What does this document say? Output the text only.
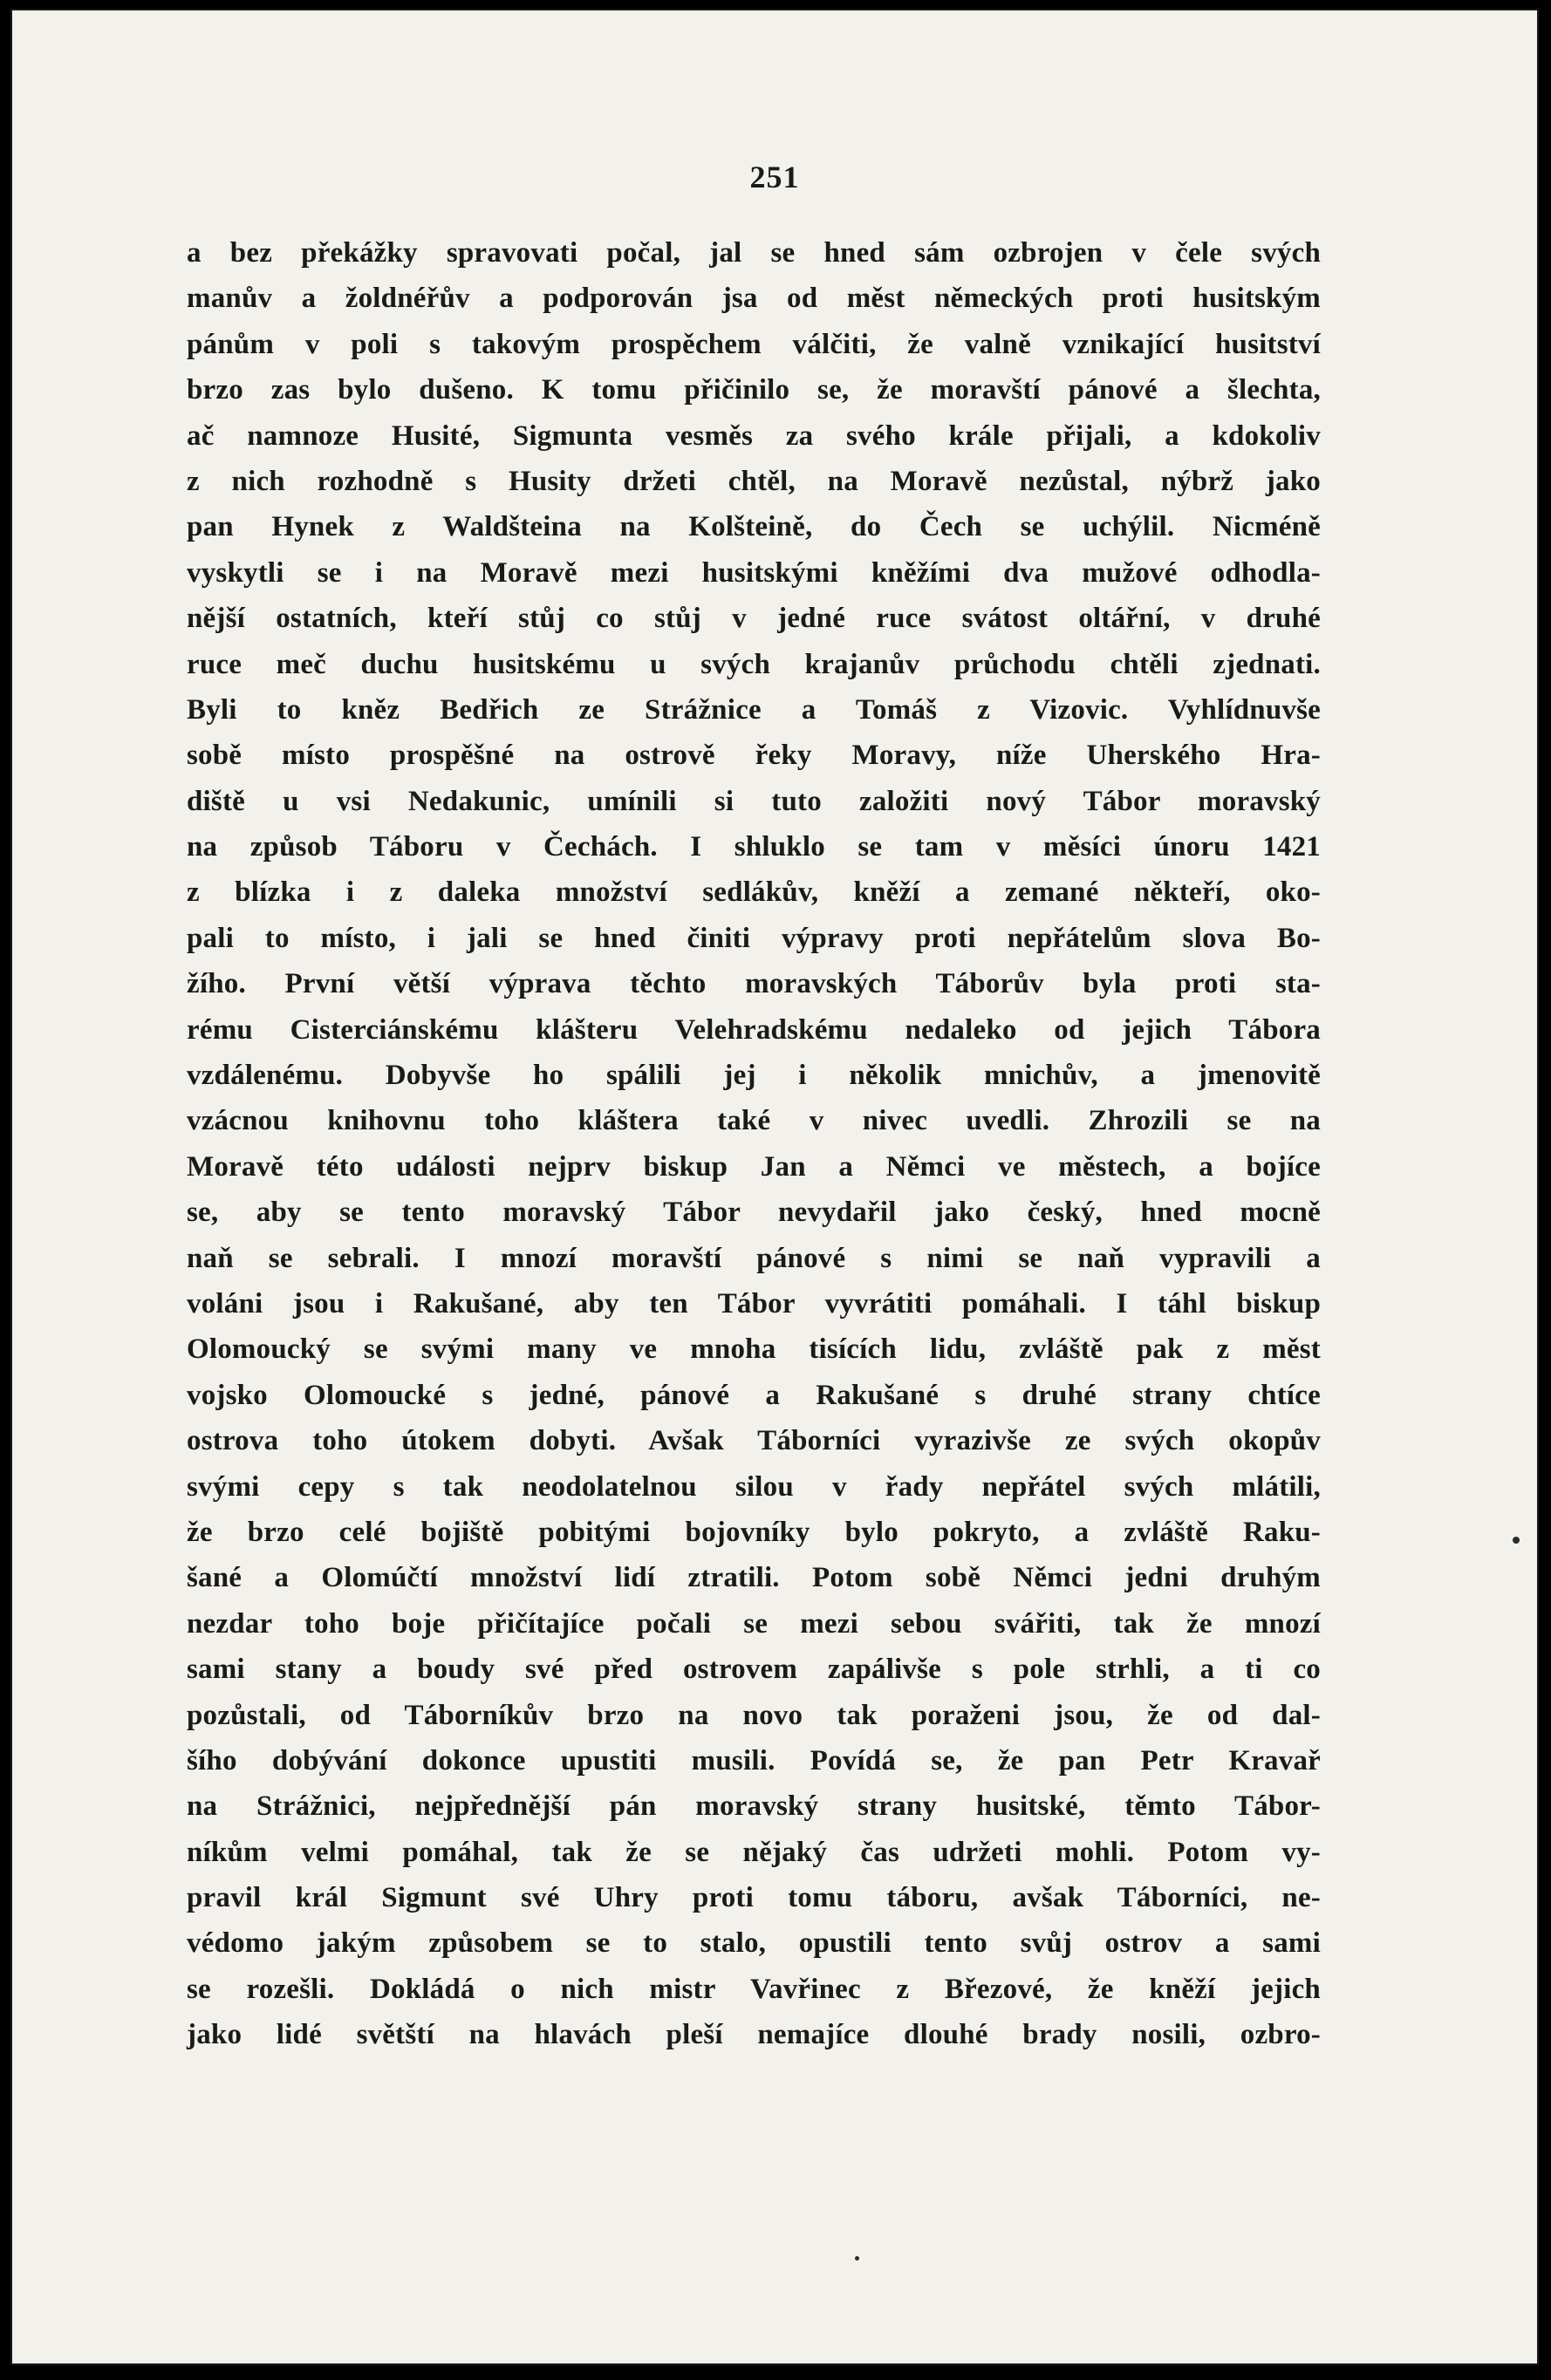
251
a bez překážky spravovati počal, jal se hned sám ozbrojen v čele svých
manův a žoldnéřův a podporován jsa od měst německých proti husitským
pánům v poli s takovým prospěchem válčiti, že valně vznikající husitství
brzo zas bylo dušeno. K tomu přičinilo se, že moravští pánové a šlechta,
ač namnoze Husité, Sigmunta vesměs za svého krále přijali, a kdokoliv
z nich rozhodně s Husity držeti chtěl, na Moravě nezůstal, nýbrž jako
pan Hynek z Waldšteina na Kolšteině, do Čech se uchýlil. Nicméně
vyskytli se i na Moravě mezi husitskými kněžími dva mužové odhodla-
nější ostatních, kteří stůj co stůj v jedné ruce svátost oltářní, v druhé
ruce meč duchu husitskému u svých krajanův průchodu chtěli zjednati.
Byli to kněz Bedřich ze Strážnice a Tomáš z Vizovic. Vyhlídnuvše
sobě místo prospěšné na ostrově řeky Moravy, níže Uherského Hra-
diště u vsi Nedakunic, umínili si tuto založiti nový Tábor moravský
na způsob Táboru v Čechách. I shluklo se tam v měsíci únoru 1421
z blízka i z daleka množství sedlákův, kněží a zemané někteří, oko-
pali to místo, i jali se hned činiti výpravy proti nepřátelům slova Bo-
žího. První větší výprava těchto moravských Táborův byla proti sta-
rému Cisterciánskému klášteru Velehradskému nedaleko od jejich Tábora
vzdálenému. Dobyvše ho spálili jej i několik mnichův, a jmenovitě
vzácnou knihovnu toho kláštera také v nivec uvedli. Zhrozili se na
Moravě této události nejprv biskup Jan a Němci ve městech, a bojíce
se, aby se tento moravský Tábor nevydařil jako český, hned mocně
naň se sebrali. I mnozí moravští pánové s nimi se naň vypravili a
voláni jsou i Rakušané, aby ten Tábor vyvrátiti pomáhali. I táhl biskup
Olomoucký se svými many ve mnoha tisících lidu, zvláště pak z měst
vojsko Olomoucké s jedné, pánové a Rakušané s druhé strany chtíce
ostrova toho útokem dobyti. Avšak Táborníci vyrazivše ze svých okopův
svými cepy s tak neodolatelnou silou v řady nepřátel svých mlátili,
že brzo celé bojiště pobitými bojovníky bylo pokryto, a zvláště Raku-
šané a Olomúčtí množství lidí ztratili. Potom sobě Němci jedni druhým
nezdar toho boje přičítajíce počali se mezi sebou svářiti, tak že mnozí
sami stany a boudy své před ostrovem zapálivše s pole strhli, a ti co
pozůstali, od Táborníkův brzo na novo tak poraženi jsou, že od dal-
šího dobývání dokonce upustiti musili. Povídá se, že pan Petr Kravař
na Strážnici, nejpřednější pán moravský strany husitské, těmto Tábor-
níkům velmi pomáhal, tak že se nějaký čas udržeti mohli. Potom vy-
pravil král Sigmunt své Uhry proti tomu táboru, avšak Táborníci, ne-
védomo jakým způsobem se to stalo, opustili tento svůj ostrov a sami
se rozešli. Dokládá o nich mistr Vavřinec z Březové, že kněží jejich
jako lidé světští na hlavách pleší nemajíce dlouhé brady nosili, ozbro-
